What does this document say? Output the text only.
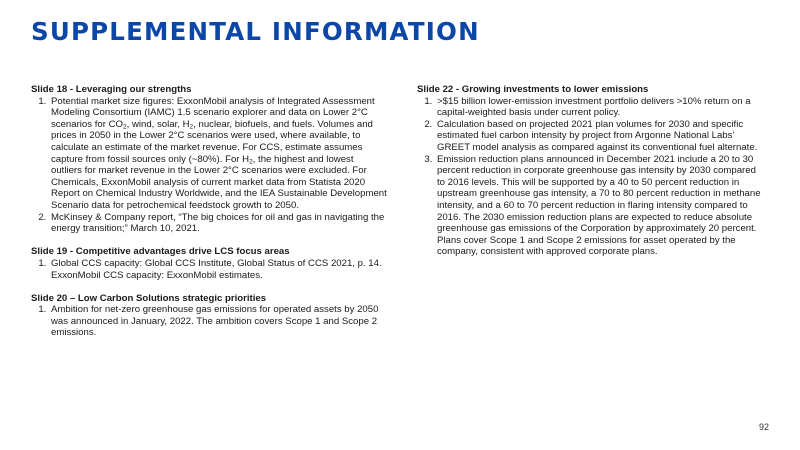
SUPPLEMENTAL INFORMATION
Slide 18 - Leveraging our strengths
1. Potential market size figures: ExxonMobil analysis of Integrated Assessment Modeling Consortium (IAMC) 1.5 scenario explorer and data on Lower 2°C scenarios for $CO_2$, wind, solar, $H_2$, nuclear, biofuels, and fuels. Volumes and prices in 2050 in the Lower 2°C scenarios were used, where available, to calculate an estimate of the market revenue. For CCS, estimate assumes capture from fossil sources only (~80%). For $H_2$, the highest and lowest outliers for market revenue in the Lower 2°C scenarios were excluded. For Chemicals, ExxonMobil analysis of current market data from Statista 2020 Report on Chemical Industry Worldwide, and the IEA Sustainable Development Scenario data for petrochemical feedstock growth to 2050.
2. McKinsey & Company report, “The big choices for oil and gas in navigating the energy transition;” March 10, 2021.
Slide 19 - Competitive advantages drive LCS focus areas
1. Global CCS capacity: Global CCS Institute, Global Status of CCS 2021, p. 14. ExxonMobil CCS capacity: ExxonMobil estimates.
Slide 20 – Low Carbon Solutions strategic priorities
1. Ambition for net-zero greenhouse gas emissions for operated assets by 2050 was announced in January, 2022. The ambition covers Scope 1 and Scope 2 emissions.
Slide 22 - Growing investments to lower emissions
1. >$15 billion lower-emission investment portfolio delivers >10% return on a capital-weighted basis under current policy.
2. Calculation based on projected 2021 plan volumes for 2030 and specific estimated fuel carbon intensity by project from Argonne National Labs’ GREET model analysis as compared against its conventional fuel alternate.
3. Emission reduction plans announced in December 2021 include a 20 to 30 percent reduction in corporate greenhouse gas intensity by 2030 compared to 2016 levels. This will be supported by a 40 to 50 percent reduction in upstream greenhouse gas intensity, a 70 to 80 percent reduction in methane intensity, and a 60 to 70 percent reduction in flaring intensity compared to 2016. The 2030 emission reduction plans are expected to reduce absolute greenhouse gas emissions of the Corporation by approximately 20 percent. Plans cover Scope 1 and Scope 2 emissions for asset operated by the company, consistent with approved corporate plans.
92
